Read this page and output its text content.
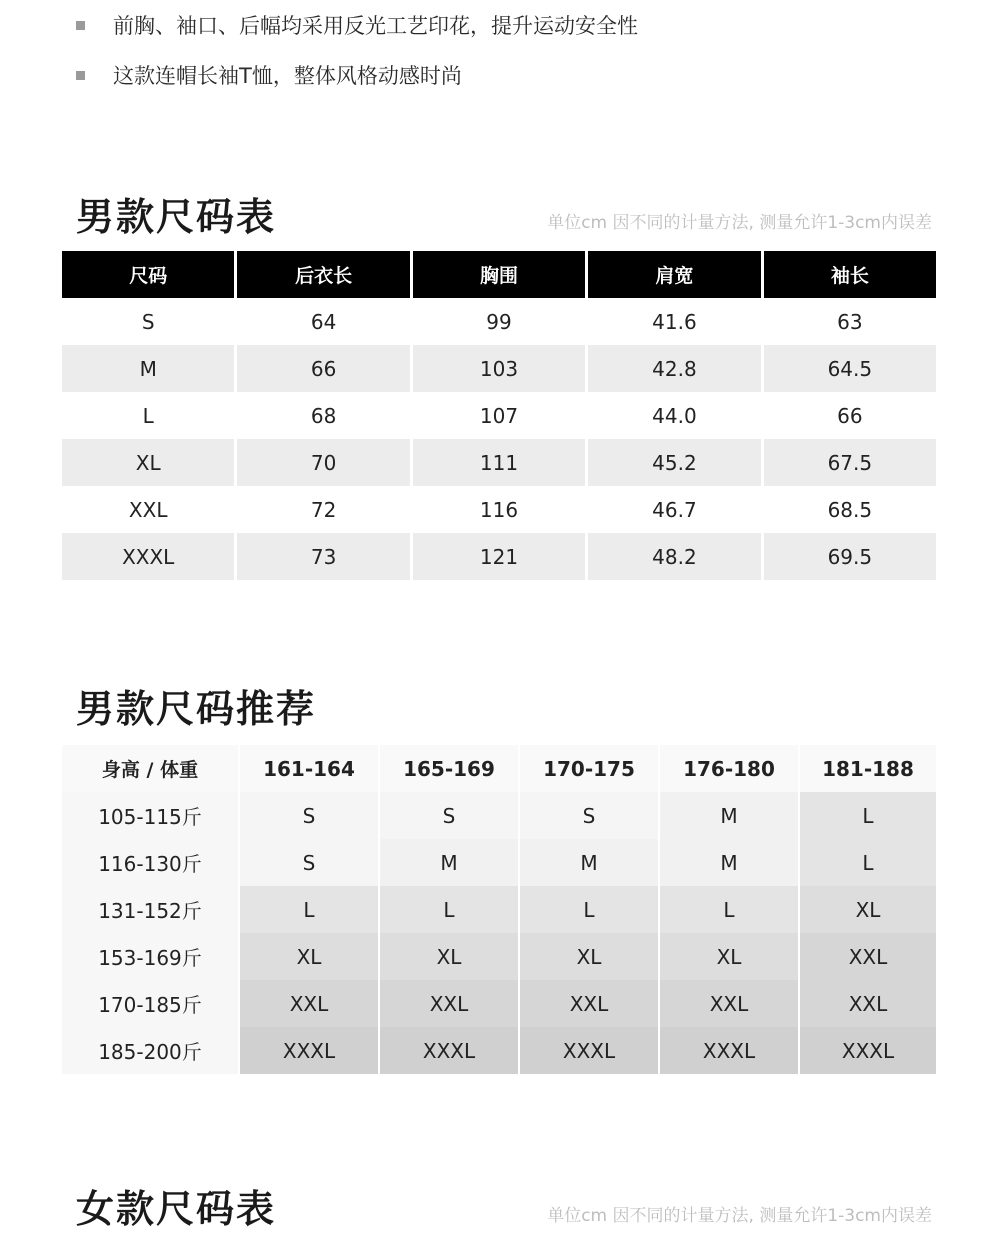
前胸、袖口、后幅均采用反光工艺印花，提升运动安全性
这款连帽长袖T恤，整体风格动感时尚
男款尺码表	单位cm 因不同的计量方法, 测量允许1-3cm内误差
尺码	后衣长	胸围	肩宽	袖长
S	64	99	41.6	63
M	66	103	42.8	64.5
L	68	107	44.0	66
XL	70	111	45.2	67.5
XXL	72	116	46.7	68.5
XXXL	73	121	48.2	69.5
男款尺码推荐
身高 / 体重	161-164	165-169	170-175	176-180	181-188
105-115斤	S	S	S	M	L
116-130斤	S	M	M	M	L
131-152斤	L	L	L	L	XL
153-169斤	XL	XL	XL	XL	XXL
170-185斤	XXL	XXL	XXL	XXL	XXL
185-200斤	XXXL	XXXL	XXXL	XXXL	XXXL
女款尺码表	单位cm 因不同的计量方法, 测量允许1-3cm内误差
